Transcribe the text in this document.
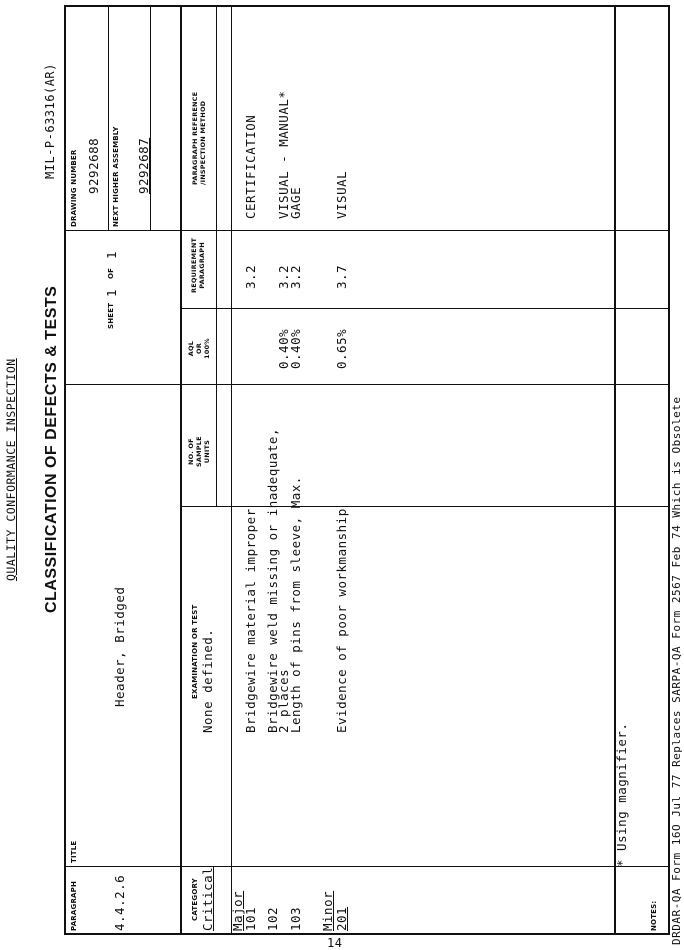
QUALITY CONFORMANCE INSPECTION CLASSIFICATION OF DEFECTS & TESTS
MIL-P-63316(AR)
PARAGRAPH	4.4.2.6
TITLE
Header, Bridged
SHEET
1
OF
1
DRAWING NUMBER 9292688 NEXT HIGHER ASSEMBLY 9292687
CATEGORY
EXAMINATION OR TEST
NO. OF
SAMPLE
UNITS
AQL
OR
100%
REQUIREMENT
PARAGRAPH
PARAGRAPH REFERENCE
/INSPECTION METHOD
Critical
None defined.
Major
101
Bridgewire material improper
3.2
CERTIFICATION
102
Bridgewire weld missing or inadequate,
0.40%
3.2
VISUAL - MANUAL*
2 places
GAGE
103
Length of pins from sleeve, Max.
0.40%
3.2
Minor 201
Evidence of poor workmanship
0.65%
3.7
VISUAL
NOTES:
* Using magnifier.	DRDAR-QA Form 16O Jul 77 Replaces SARPA-QA Form 2567 Feb 74 Which is Obsolete
14
